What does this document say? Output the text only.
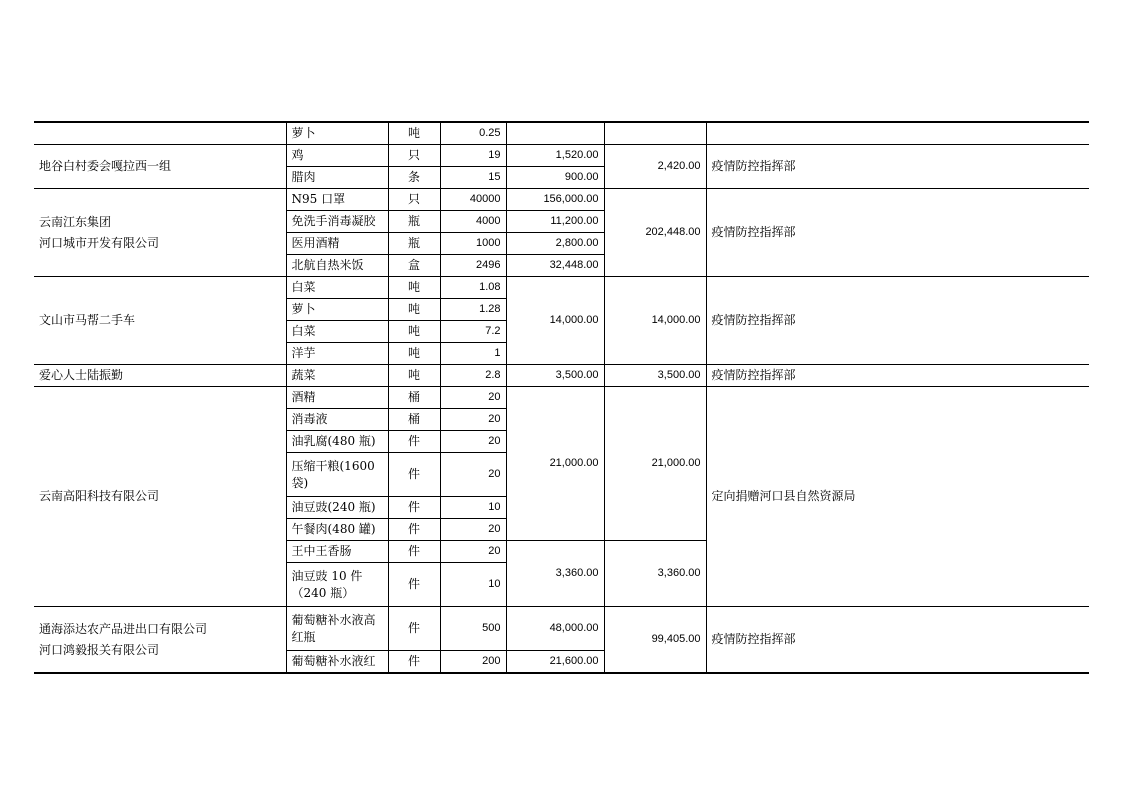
	萝卜	吨	0.25			

地谷白村委会嘎拉西一组	鸡	只	19	1,520.00	2,420.00	疫情防控指挥部
	腊肉	条	15	900.00		

云南江东集团
河口城市开发有限公司	N95 口罩	只	40000	156,000.00	202,448.00	疫情防控指挥部
	免洗手消毒凝胶	瓶	4000	11,200.00		
	医用酒精	瓶	1000	2,800.00		
	北航自热米饭	盒	2496	32,448.00		

文山市马帮二手车	白菜	吨	1.08	14,000.00	14,000.00	疫情防控指挥部
	萝卜	吨	1.28			
	白菜	吨	7.2			
	洋芋	吨	1			

爱心人士陆振勤	蔬菜	吨	2.8	3,500.00	3,500.00	疫情防控指挥部

云南高阳科技有限公司	酒精	桶	20	21,000.00	21,000.00	定向捐赠河口县自然资源局
	消毒液	桶	20			
	油乳腐(480 瓶)	件	20			
	压缩干粮(1600 袋)	件	20			
	油豆豉(240 瓶)	件	10			
	午餐肉(480 罐)	件	20			
	王中王香肠	件	20	3,360.00	3,360.00	
	油豆豉 10 件（240 瓶）	件	10			

通海添达农产品进出口有限公司
河口鸿毅报关有限公司	葡萄糖补水液高红瓶	件	500	48,000.00	99,405.00	疫情防控指挥部
	葡萄糖补水液红	件	200	21,600.00		
